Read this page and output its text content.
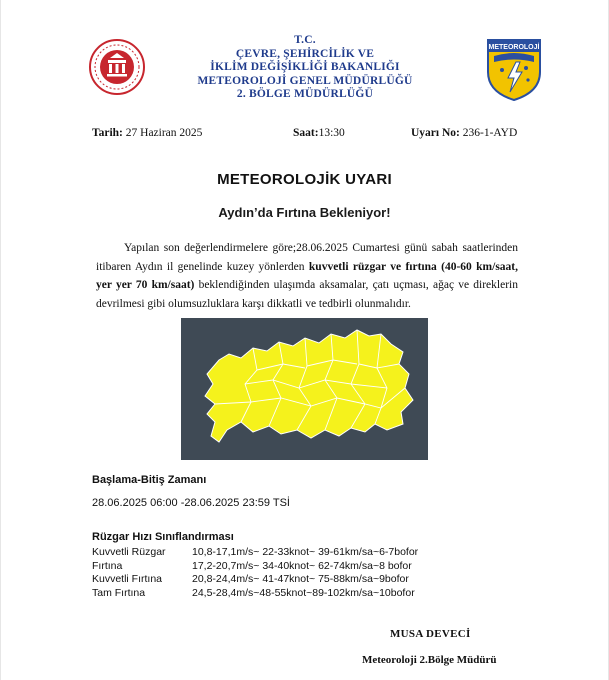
T.C.
ÇEVRE, ŞEHİRCİLİK VE
İKLİM DEĞİŞİKLİĞİ BAKANLIĞI
METEOROLOJİ GENEL MÜDÜRLÜĞÜ
2. BÖLGE MÜDÜRLÜĞÜ
METEOROLOJİ
Tarih: 27 Haziran 2025	Saat:13:30	Uyarı No: 236-1-AYD
METEOROLOJİK UYARI
Aydın’da Fırtına Bekleniyor!

Yapılan son değerlendirmelere göre;28.06.2025 Cumartesi günü sabah saatlerinden itibaren Aydın il genelinde kuzey yönlerden kuvvetli rüzgar ve fırtına (40-60 km/saat, yer yer 70 km/saat) beklendiğinden ulaşımda aksamalar, çatı uçması, ağaç ve direklerin devrilmesi gibi olumsuzluklara karşı dikkatli ve tedbirli olunmalıdır.

Başlama-Bitiş Zamanı
28.06.2025 06:00 -28.06.2025 23:59 TSİ
Rüzgar Hızı Sınıflandırması
Kuvvetli Rüzgar	10,8-17,1m/s~ 22-33knot~ 39-61km/sa~6-7bofor
Fırtına	17,2-20,7m/s~ 34-40knot~ 62-74km/sa~8 bofor
Kuvvetli Fırtına	20,8-24,4m/s~ 41-47knot~ 75-88km/sa~9bofor
Tam Fırtına	24,5-28,4m/s~48-55knot~89-102km/sa~10bofor
MUSA DEVECİ
Meteoroloji 2.Bölge Müdürü
